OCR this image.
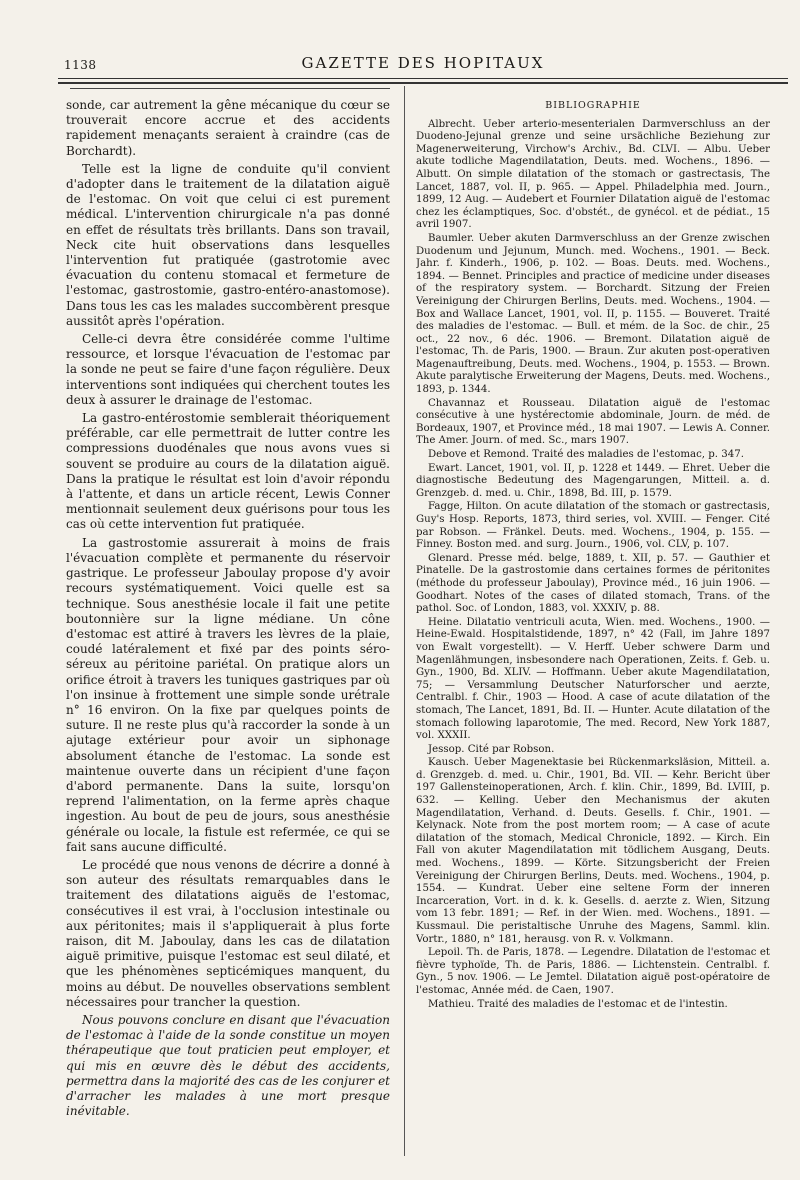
1138	GAZETTE DES HOPITAUX

sonde, car autrement la gêne mécanique du cœur se trouverait encore accrue et des accidents rapidement menaçants seraient à craindre (cas de Borchardt).

Telle est la ligne de conduite qu'il convient d'adopter dans le traitement de la dilatation aiguë de l'estomac. On voit que celui ci est purement médical. L'intervention chirurgicale n'a pas donné en effet de résultats très brillants. Dans son travail, Neck cite huit observations dans lesquelles l'intervention fut pratiquée (gastrotomie avec évacuation du contenu stomacal et fermeture de l'estomac, gastrostomie, gastro-entéro-anastomose). Dans tous les cas les malades succombèrent presque aussitôt après l'opération.

Celle-ci devra être considérée comme l'ultime ressource, et lorsque l'évacuation de l'estomac par la sonde ne peut se faire d'une façon régulière. Deux interventions sont indiquées qui cherchent toutes les deux à assurer le drainage de l'estomac.

La gastro-entérostomie semblerait théoriquement préférable, car elle permettrait de lutter contre les compressions duodénales que nous avons vues si souvent se produire au cours de la dilatation aiguë. Dans la pratique le résultat est loin d'avoir répondu à l'attente, et dans un article récent, Lewis Conner mentionnait seulement deux guérisons pour tous les cas où cette intervention fut pratiquée.

La gastrostomie assurerait à moins de frais l'évacuation complète et permanente du réservoir gastrique. Le professeur Jaboulay propose d'y avoir recours systématiquement. Voici quelle est sa technique. Sous anesthésie locale il fait une petite boutonnière sur la ligne médiane. Un cône d'estomac est attiré à travers les lèvres de la plaie, coudé latéralement et fixé par des points séro-séreux au péritoine pariétal. On pratique alors un orifice étroit à travers les tuniques gastriques par où l'on insinue à frottement une simple sonde urétrale n° 16 environ. On la fixe par quelques points de suture. Il ne reste plus qu'à raccorder la sonde à un ajutage extérieur pour avoir un siphonage absolument étanche de l'estomac. La sonde est maintenue ouverte dans un récipient d'une façon d'abord permanente. Dans la suite, lorsqu'on reprend l'alimentation, on la ferme après chaque ingestion. Au bout de peu de jours, sous anesthésie générale ou locale, la fistule est refermée, ce qui se fait sans aucune difficulté.

Le procédé que nous venons de décrire a donné à son auteur des résultats remarquables dans le traitement des dilatations aiguës de l'estomac, consécutives il est vrai, à l'occlusion intestinale ou aux péritonites; mais il s'appliquerait à plus forte raison, dit M. Jaboulay, dans les cas de dilatation aiguë primitive, puisque l'estomac est seul dilaté, et que les phénomènes septicémiques manquent, du moins au début. De nouvelles observations semblent nécessaires pour trancher la question.

Nous pouvons conclure en disant que l'évacuation de l'estomac à l'aide de la sonde constitue un moyen thérapeutique que tout praticien peut employer, et qui mis en œuvre dès le début des accidents, permettra dans la majorité des cas de les conjurer et d'arracher les malades à une mort presque inévitable.

BIBLIOGRAPHIE

Albrecht. Ueber arterio-mesenterialen Darmverschluss an der Duodeno-Jejunal grenze und seine ursächliche Beziehung zur Magenerweiterung, Virchow's Archiv., Bd. CLVI. — Albu. Ueber akute todliche Magendilatation, Deuts. med. Wochens., 1896. — Albutt. On simple dilatation of the stomach or gastrectasis, The Lancet, 1887, vol. II, p. 965. — Appel. Philadelphia med. Journ., 1899, 12 Aug. — Audebert et Fournier Dilatation aiguë de l'estomac chez les éclamptiques, Soc. d'obstét., de gynécol. et de pédiat., 15 avril 1907.

Baumler. Ueber akuten Darmverschluss an der Grenze zwischen Duodenum und Jejunum, Munch. med. Wochens., 1901. — Beck. Jahr. f. Kinderh., 1906, p. 102. — Boas. Deuts. med. Wochens., 1894. — Bennet. Principles and practice of medicine under diseases of the respiratory system. — Borchardt. Sitzung der Freien Vereinigung der Chirurgen Berlins, Deuts. med. Wochens., 1904. — Box and Wallace Lancet, 1901, vol. II, p. 1155. — Bouveret. Traité des maladies de l'estomac. — Bull. et mém. de la Soc. de chir., 25 oct., 22 nov., 6 déc. 1906. — Bremont. Dilatation aiguë de l'estomac, Th. de Paris, 1900. — Braun. Zur akuten post-operativen Magenauftreibung, Deuts. med. Wochens., 1904, p. 1553. — Brown. Akute paralytische Erweiterung der Magens, Deuts. med. Wochens., 1893, p. 1344.

Chavannaz et Rousseau. Dilatation aiguë de l'estomac consécutive à une hystérectomie abdominale, Journ. de méd. de Bordeaux, 1907, et Province méd., 18 mai 1907. — Lewis A. Conner. The Amer. Journ. of med. Sc., mars 1907.

Debove et Remond. Traité des maladies de l'estomac, p. 347.

Ewart. Lancet, 1901, vol. II, p. 1228 et 1449. — Ehret. Ueber die diagnostische Bedeutung des Magengarungen, Mitteil. a. d. Grenzgeb. d. med. u. Chir., 1898, Bd. III, p. 1579.

Fagge, Hilton. On acute dilatation of the stomach or gastrectasis, Guy's Hosp. Reports, 1873, third series, vol. XVIII. — Fenger. Cité par Robson. — Fränkel. Deuts. med. Wochens., 1904, p. 155. — Finney. Boston med. and surg. Journ., 1906, vol. CLV, p. 107.

Glenard. Presse méd. belge, 1889, t. XII, p. 57. — Gauthier et Pinatelle. De la gastrostomie dans certaines formes de péritonites (méthode du professeur Jaboulay), Province méd., 16 juin 1906. — Goodhart. Notes of the cases of dilated stomach, Trans. of the pathol. Soc. of London, 1883, vol. XXXIV, p. 88.

Heine. Dilatatio ventriculi acuta, Wien. med. Wochens., 1900. — Heine-Ewald. Hospitalstidende, 1897, n° 42 (Fall, im Jahre 1897 von Ewalt vorgestellt). — V. Herff. Ueber schwere Darm und Magenlähmungen, insbesondere nach Operationen, Zeits. f. Geb. u. Gyn., 1900, Bd. XLIV. — Hoffmann. Ueber akute Magendilatation, 75; — Versammlung Deutscher Naturforscher und aerzte, Centralbl. f. Chir., 1903 — Hood. A case of acute dilatation of the stomach, The Lancet, 1891, Bd. II. — Hunter. Acute dilatation of the stomach following laparotomie, The med. Record, New York 1887, vol. XXXII.

Jessop. Cité par Robson.

Kausch. Ueber Magenektasie bei Rückenmarksläsion, Mitteil. a. d. Grenzgeb. d. med. u. Chir., 1901, Bd. VII. — Kehr. Bericht über 197 Gallensteinoperationen, Arch. f. klin. Chir., 1899, Bd. LVIII, p. 632. — Kelling. Ueber den Mechanismus der akuten Magendilatation, Verhand. d. Deuts. Gesells. f. Chir., 1901. — Kelynack. Note from the post mortem room; — A case of acute dilatation of the stomach, Medical Chronicle, 1892. — Kirch. Ein Fall von akuter Magendilatation mit tödlichem Ausgang, Deuts. med. Wochens., 1899. — Körte. Sitzungsbericht der Freien Vereinigung der Chirurgen Berlins, Deuts. med. Wochens., 1904, p. 1554. — Kundrat. Ueber eine seltene Form der inneren Incarceration, Vort. in d. k. k. Gesells. d. aerzte z. Wien, Sitzung vom 13 febr. 1891; — Ref. in der Wien. med. Wochens., 1891. — Kussmaul. Die peristaltische Unruhe des Magens, Samml. klin. Vortr., 1880, n° 181, herausg. von R. v. Volkmann.

Lepoil. Th. de Paris, 1878. — Legendre. Dilatation de l'estomac et fièvre typhoïde, Th. de Paris, 1886. — Lichtenstein. Centralbl. f. Gyn., 5 nov. 1906. — Le Jemtel. Dilatation aiguë post-opératoire de l'estomac, Année méd. de Caen, 1907.

Mathieu. Traité des maladies de l'estomac et de l'intestin.
